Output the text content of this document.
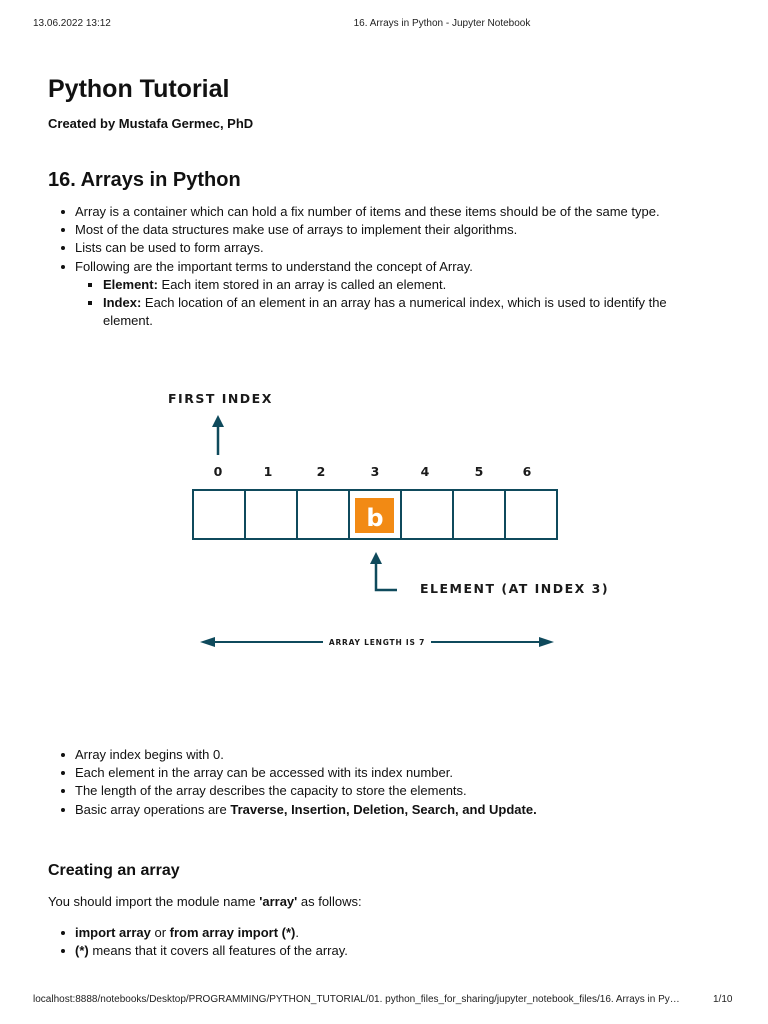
13.06.2022 13:12	16. Arrays in Python - Jupyter Notebook
Python Tutorial
Created by Mustafa Germec, PhD
16. Arrays in Python
Array is a container which can hold a fix number of items and these items should be of the same type.
Most of the data structures make use of arrays to implement their algorithms.
Lists can be used to form arrays.
Following are the important terms to understand the concept of Array.
Element: Each item stored in an array is called an element.
Index: Each location of an element in an array has a numerical index, which is used to identify the element.
FIRST INDEX
0	1	2	3	4	5	6
b
ELEMENT (AT INDEX 3)
ARRAY LENGTH IS 7
Array index begins with 0.
Each element in the array can be accessed with its index number.
The length of the array describes the capacity to store the elements.
Basic array operations are Traverse, Insertion, Deletion, Search, and Update.
Creating an array
You should import the module name 'array' as follows:
import array or from array import (*).
(*) means that it covers all features of the array.
localhost:8888/notebooks/Desktop/PROGRAMMING/PYTHON_TUTORIAL/01. python_files_for_sharing/jupyter_notebook_files/16. Arrays in Py…	1/10
